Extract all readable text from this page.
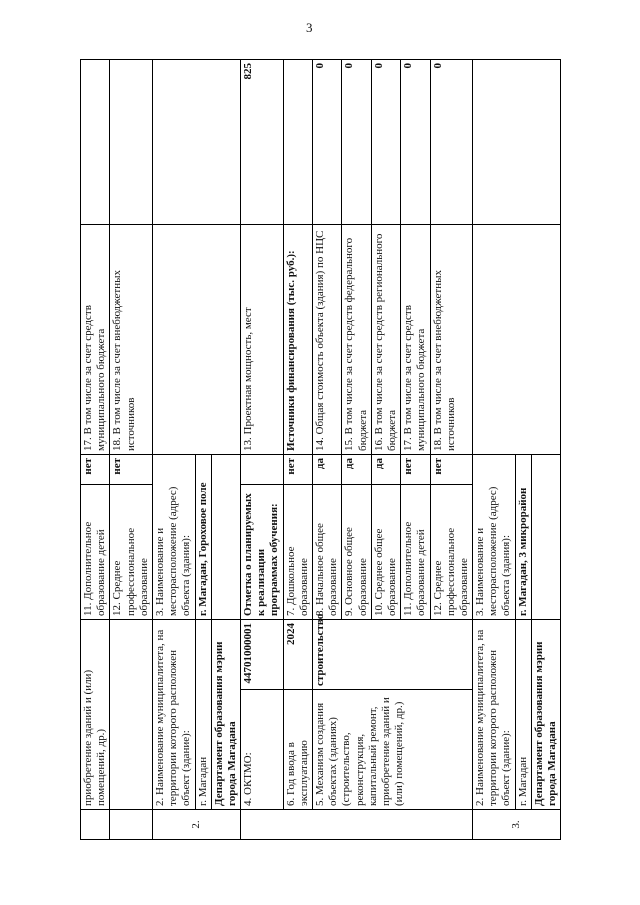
3
	приобретение зданий и (или) помещений, др.)		11. Дополнительное образование детей	нет	17. В том числе за счет средств муниципального бюджета	
			12. Среднее профессиональное образование	нет	18. В том числе за счет внебюджетных источников	
2.	2. Наименование муниципалитета, на территории которого расположен объект (здание):		3. Наименование и месторасположение (адрес) объекта (здания):			
	г. Магадан		г. Магадан, Гороховое поле			
	Департамент образования мэрии города Магадана					
	4. ОКТМО:	44701000001	Отметка о планируемых к реализации программах обучения:		13. Проектная мощность, мест	825
	6. Год ввода в эксплуатацию	2024	7. Дошкольное образование	нет	Источники финансирования (тыс. руб.):	
	5. Механизм создания объектах (зданиях) (строительство, реконструкция, капитальный ремонт, приобретение зданий и (или) помещений, др.)	строительство	8. Начальное общее образование	да	14. Общая стоимость объекта (здания) по НЦС	0
			9. Основное общее образование	да	15. В том числе за счет средств федерального бюджета	0
			10. Среднее общее образование	да	16. В том числе за счет средств регионального бюджета	0
			11. Дополнительное образование детей	нет	17. В том числе за счет средств муниципального бюджета	0
			12. Среднее профессиональное образование	нет	18. В том числе за счет внебюджетных источников	0
3.	2. Наименование муниципалитета, на территории которого расположен объект (здание):		3. Наименование и месторасположение (адрес) объекта (здания):			
	г. Магадан		г. Магадан, 3 микрорайон			
	Департамент образования мэрии города Магадана					
